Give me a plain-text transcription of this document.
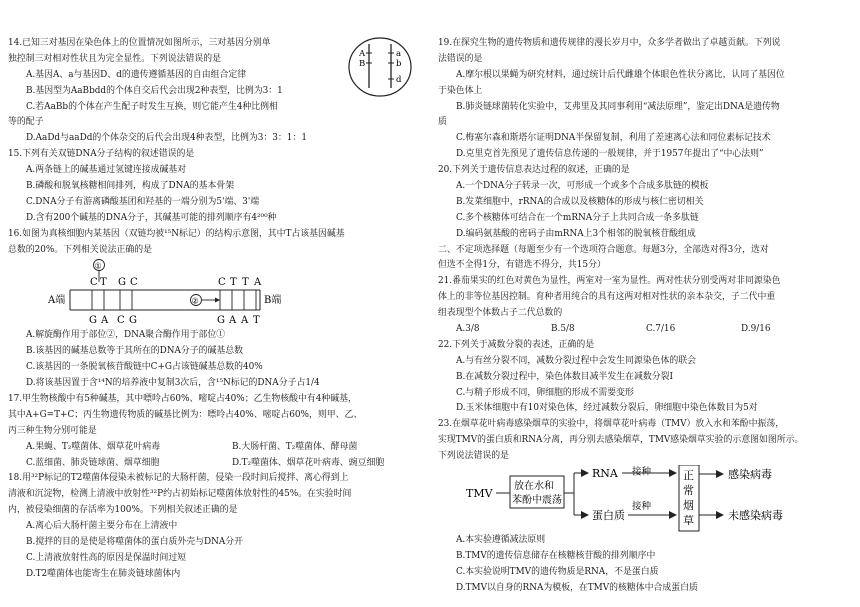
14.已知三对基因在染色体上的位置情况如图所示，三对基因分别单
独控制三对相对性状且为完全显性。下列说法错误的是
A.基因A、a与基因D、d的遗传遵循基因的自由组合定律
B.基因型为AaBbdd的个体自交后代会出现2种表型，比例为3：1
C.若AaBb的个体在产生配子时发生互换，则它能产生4种比例相
等的配子
D.AaDd与aaDd的个体杂交的后代会出现4种表型，比例为3：3：1：1
A
B
a
b
d
15.下列有关双链DNA分子结构的叙述错误的是
A.两条链上的碱基通过氢键连接成碱基对
B.磷酸和脱氧核糖相间排列，构成了DNA的基本骨架
C.DNA分子有游离磷酸基团和羟基的一端分别为5'端、3'端
D.含有200个碱基的DNA分子，其碱基可能的排列顺序有4²⁰⁰种
16.如图为真核细胞内某基因（双链均被¹⁵N标记）的结构示意图，其中T占该基因碱基
总数的20%。下列相关说法正确的是
①
C T G C	C T T A
②
A端	B端
G A C G	G A A T
A.解旋酶作用于部位②，DNA聚合酶作用于部位①
B.该基因的碱基总数等于其所在的DNA分子的碱基总数
C.该基因的一条脱氧核苷酸链中C+G占该链碱基总数的40%
D.将该基因置于含¹⁴N的培养液中复制3次后，含¹⁵N标记的DNA分子占1/4
17.甲生物核酸中有5种碱基，其中嘌呤占60%、嘧啶占40%；乙生物核酸中有4种碱基，
其中A+G=T+C；丙生物遗传物质的碱基比例为：嘌呤占40%、嘧啶占60%，则甲、乙、
丙三种生物分别可能是
A.果蝇、T₂噬菌体、烟草花叶病毒	B.大肠杆菌、T₂噬菌体、酵母菌
C.蓝细菌、肺炎链球菌、烟草细胞	D.T₂噬菌体、烟草花叶病毒、豌豆细胞
18.用³²P标记的T2噬菌体侵染未被标记的大肠杆菌，侵染一段时间后搅拌、离心得到上
清液和沉淀物，检测上清液中放射性³²P约占初始标记噬菌体放射性的45%。在实验时间
内，被侵染细菌的存活率为100%。下列相关叙述正确的是
A.离心后大肠杆菌主要分布在上清液中
B.搅拌的目的是使是将噬菌体的蛋白质外壳与DNA分开
C.上清液放射性高的原因是保温时间过短
D.T2噬菌体也能寄生在肺炎链球菌体内
19.在探究生物的遗传物质和遗传规律的漫长岁月中，众多学者做出了卓越贡献。下列说
法错误的是
A.摩尔根以果蝇为研究材料，通过统计后代雌雄个体眼色性状分离比，认同了基因位
于染色体上
B.肺炎链球菌转化实验中，艾弗里及其同事利用“减法原理”，鉴定出DNA是遗传物
质
C.梅塞尔森和斯塔尔证明DNA半保留复制，利用了差速离心法和同位素标记技术
D.克里克首先预见了遗传信息传递的一般规律，并于1957年提出了“中心法则”
20.下列关于遗传信息表达过程的叙述，正确的是
A.一个DNA分子转录一次，可形成一个或多个合成多肽链的模板
B.发菜细胞中，rRNA的合成以及核糖体的形成与核仁密切相关
C.多个核糖体可结合在一个mRNA分子上共同合成一条多肽链
D.编码氨基酸的密码子由mRNA上3个相邻的脱氧核苷酸组成
二、不定项选择题（每题至少有一个选项符合题意。每题3分，全部选对得3分，选对
但选不全得1分，有错选不得分，共15分）
21.番茄果实的红色对黄色为显性，两室对一室为显性。两对性状分别受两对非同源染色
体上的非等位基因控制。育种者用纯合的具有这两对相对性状的亲本杂交，子二代中重
组表现型个体数占子二代总数的
A.3/8	B.5/8	C.7/16	D.9/16
22.下列关于减数分裂的表述，正确的是
A.与有丝分裂不同，减数分裂过程中会发生同源染色体的联会
B.在减数分裂过程中，染色体数目减半发生在减数分裂Ⅰ
C.与精子形成不同，卵细胞的形成不需要变形
D.玉米体细胞中有10对染色体，经过减数分裂后，卵细胞中染色体数目为5对
23.在烟草花叶病毒感染烟草的实验中，将烟草花叶病毒（TMV）放入水和苯酚中振荡，
实现TMV的蛋白质和RNA分离，再分别去感染烟草，TMV感染烟草实验的示意图如图所示。
下列说法错误的是
TMV
放在水和
苯酚中震荡
RNA
蛋白质
接种
接种
正
常
烟
草
感染病毒
未感染病毒
A.本实验遵循减法原则
B.TMV的遗传信息储存在核糖核苷酸的排列顺序中
C.本实验说明TMV的遗传物质是RNA，不是蛋白质
D.TMV以自身的RNA为模板，在TMV的核糖体中合成蛋白质
